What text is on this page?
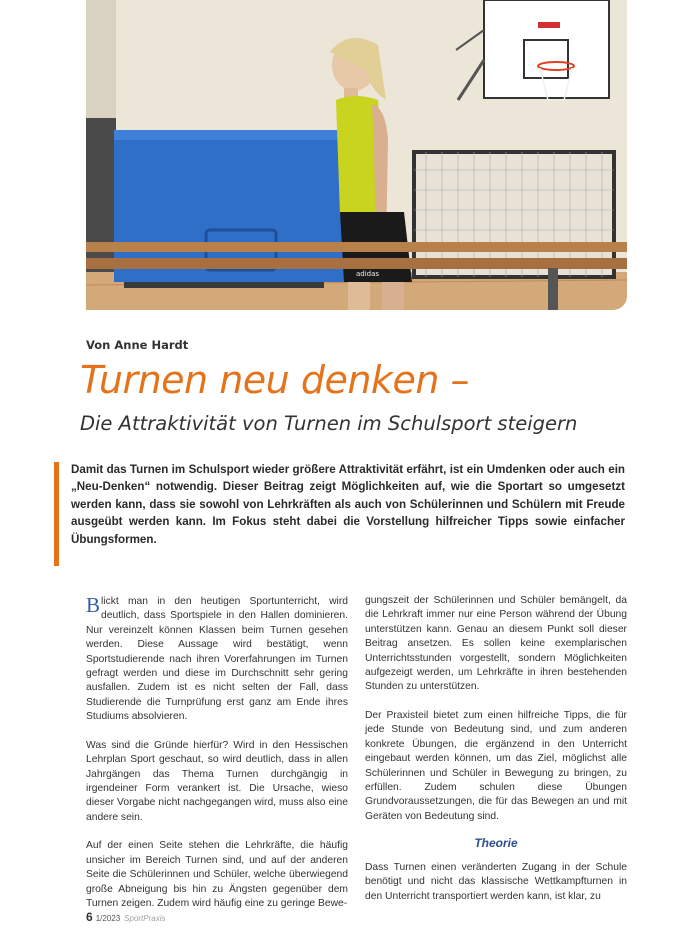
adidas
Von Anne Hardt
Turnen neu denken –
Die Attraktivität von Turnen im Schulsport steigern
Damit das Turnen im Schulsport wieder größere Attraktivität erfährt, ist ein Umdenken oder auch ein „Neu-Denken“ notwendig. Dieser Beitrag zeigt Möglichkeiten auf, wie die Sportart so umgesetzt werden kann, dass sie sowohl von Lehrkräften als auch von Schülerinnen und Schülern mit Freude ausgeübt werden kann. Im Fokus steht dabei die Vorstellung hilfreicher Tipps sowie einfacher Übungsformen.

Blickt man in den heutigen Sportunterricht, wird deutlich, dass Sportspiele in den Hallen dominieren. Nur vereinzelt können Klassen beim Turnen gesehen werden. Diese Aussage wird bestätigt, wenn Sportstudierende nach ihren Vorerfahrungen im Turnen gefragt werden und diese im Durchschnitt sehr gering ausfallen. Zudem ist es nicht selten der Fall, dass Studierende die Turnprüfung erst ganz am Ende ihres Studiums absolvieren.

Was sind die Gründe hierfür? Wird in den Hessischen Lehrplan Sport geschaut, so wird deutlich, dass in allen Jahrgängen das Thema Turnen durchgängig in irgendeiner Form verankert ist. Die Ursache, wieso dieser Vorgabe nicht nachgegangen wird, muss also eine andere sein.

Auf der einen Seite stehen die Lehrkräfte, die häufig unsicher im Bereich Turnen sind, und auf der anderen Seite die Schülerinnen und Schüler, welche überwiegend große Abneigung bis hin zu Ängsten gegenüber dem Turnen zeigen. Zudem wird häufig eine zu geringe Bewe-

gungszeit der Schülerinnen und Schüler bemängelt, da die Lehrkraft immer nur eine Person während der Übung unterstützen kann. Genau an diesem Punkt soll dieser Beitrag ansetzen. Es sollen keine exemplarischen Unterrichtsstunden vorgestellt, sondern Möglichkeiten aufgezeigt werden, um Lehrkräfte in ihren bestehenden Stunden zu unterstützen.

Der Praxisteil bietet zum einen hilfreiche Tipps, die für jede Stunde von Bedeutung sind, und zum anderen konkrete Übungen, die ergänzend in den Unterricht eingebaut werden können, um das Ziel, möglichst alle Schülerinnen und Schüler in Bewegung zu bringen, zu erfüllen. Zudem schulen diese Übungen Grundvoraussetzungen, die für das Bewegen an und mit Geräten von Bedeutung sind.

Theorie

Dass Turnen einen veränderten Zugang in der Schule benötigt und nicht das klassische Wettkampfturnen in den Unterricht transportiert werden kann, ist klar, zu

6 1/2023 SportPraxis
